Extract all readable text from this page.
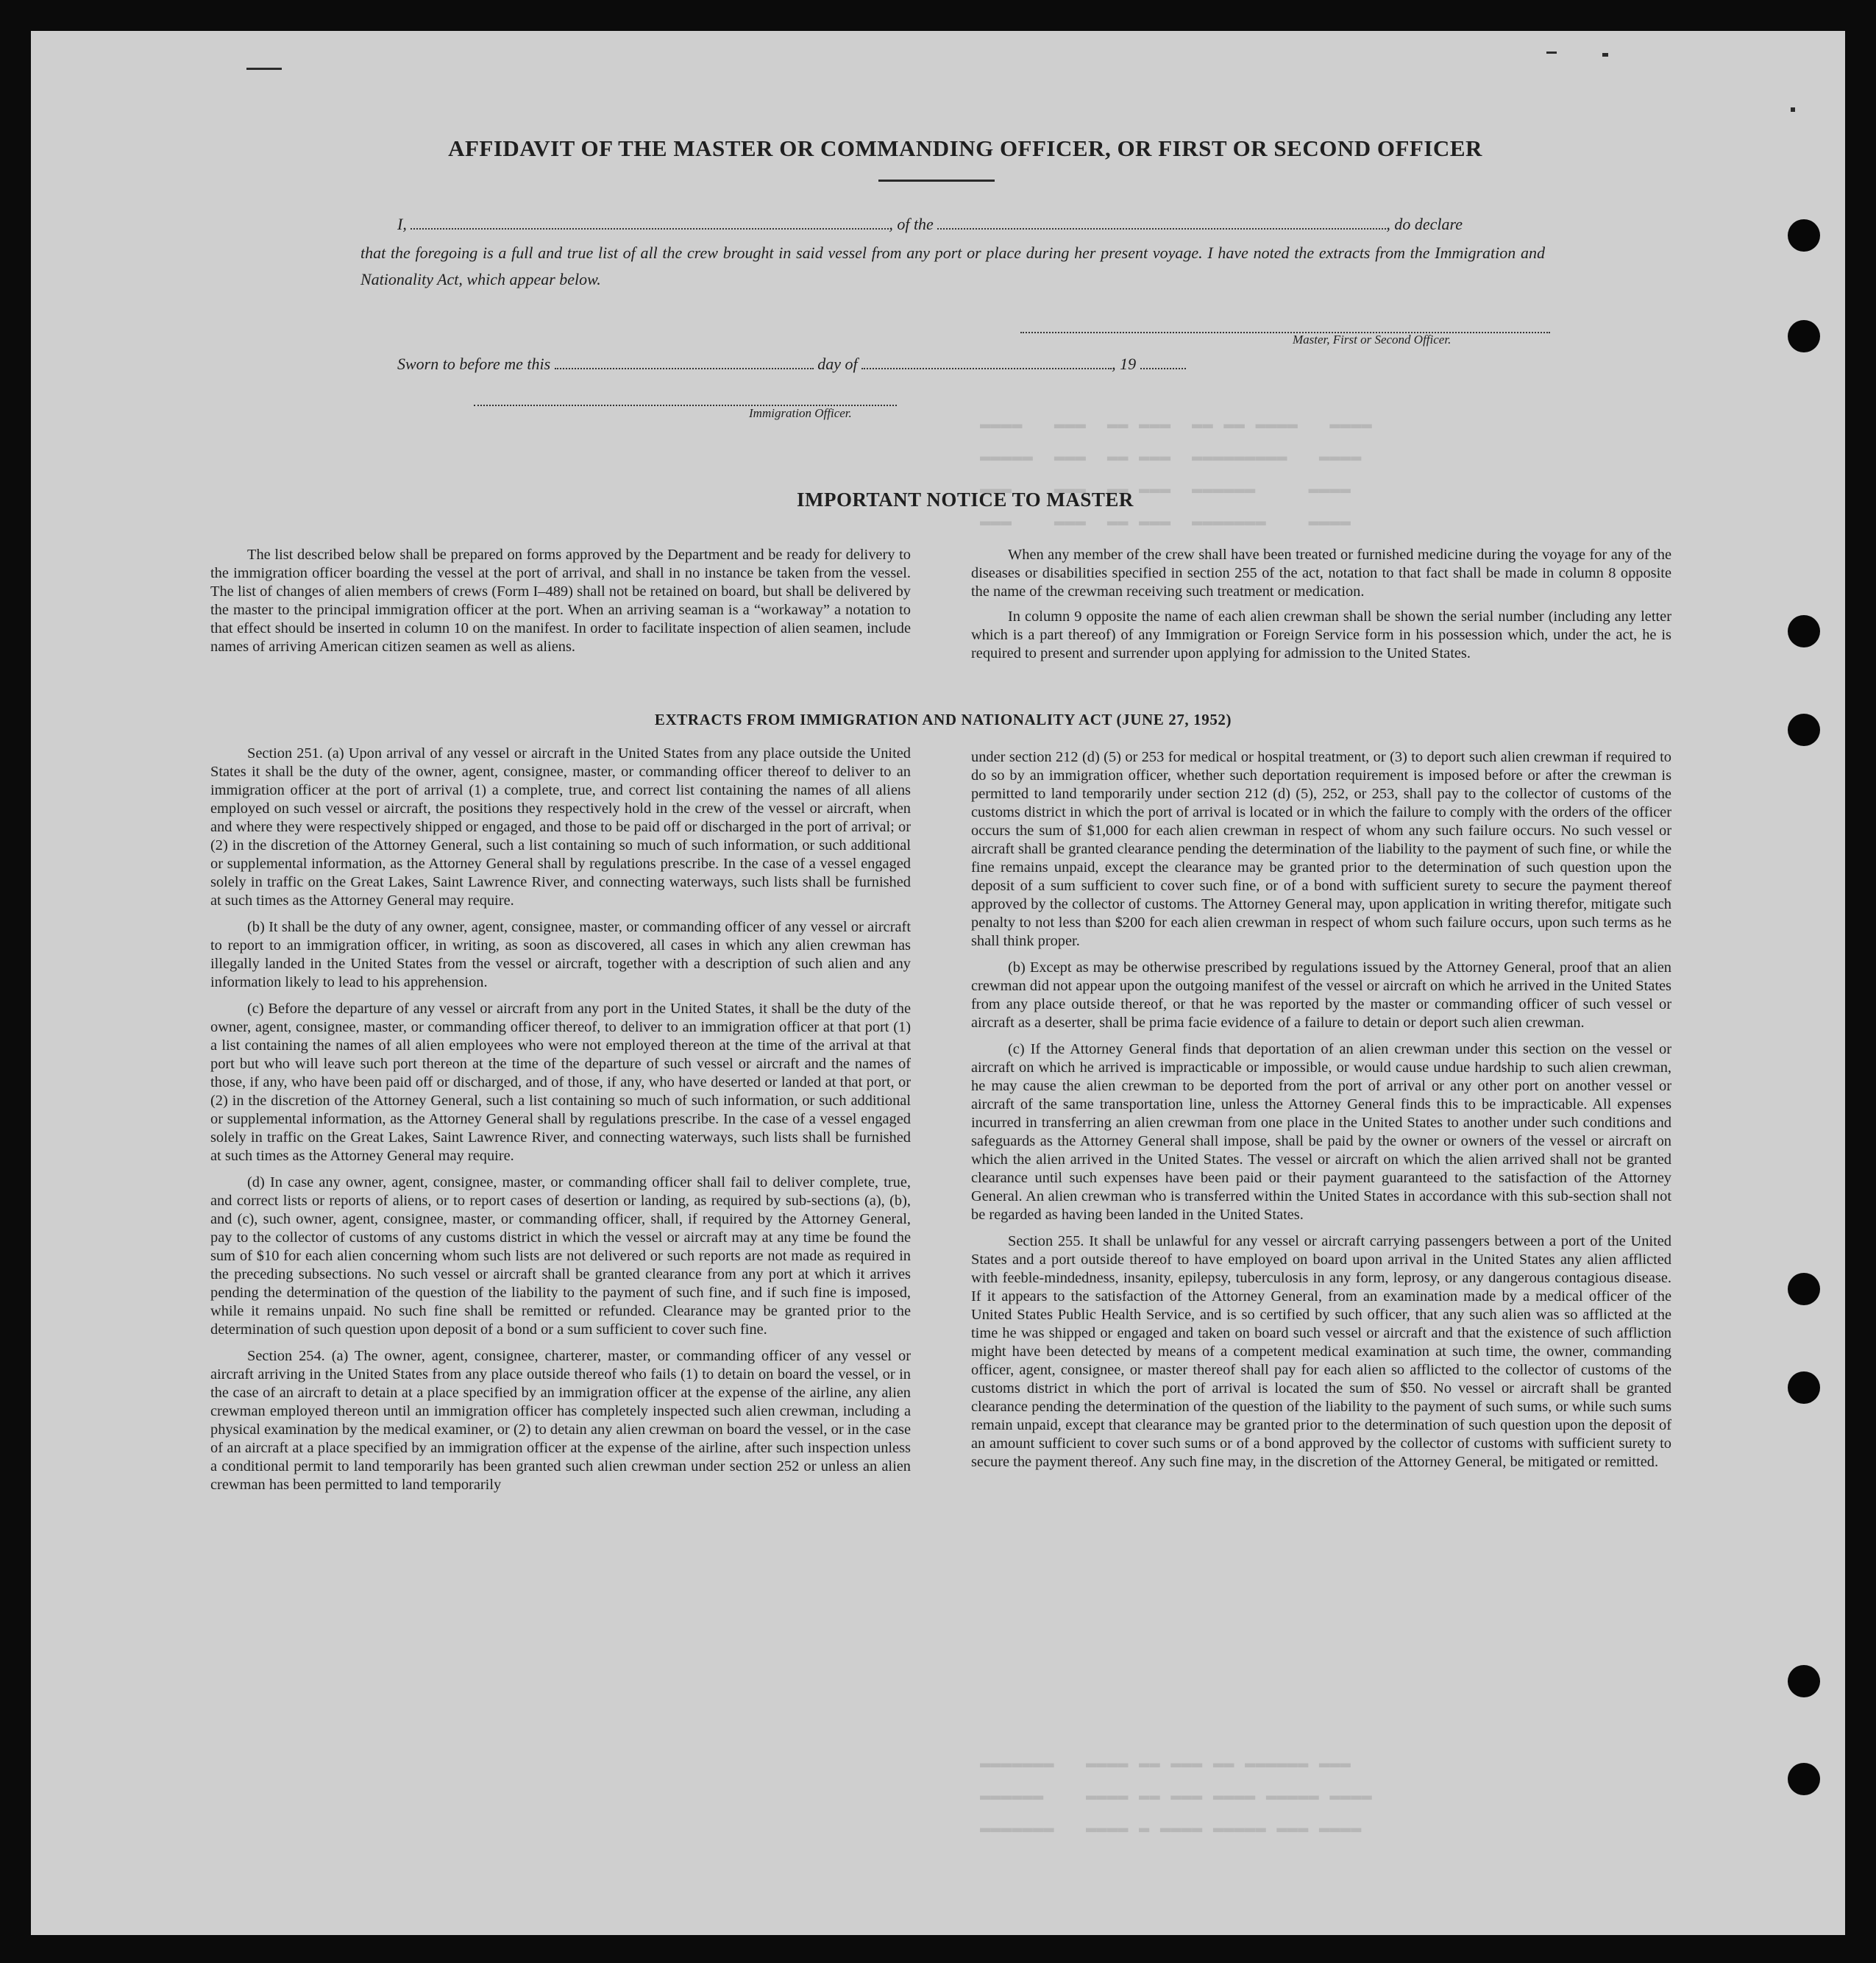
▬▬▬▬   ▬▬▬  ▬▬ ▬▬▬  ▬▬ ▬▬ ▬▬▬▬   ▬▬▬▬
▬▬▬▬▬  ▬▬▬  ▬▬ ▬▬▬  ▬▬▬▬▬▬▬▬▬   ▬▬▬▬
▬▬▬    ▬▬▬  ▬▬ ▬▬▬  ▬▬▬▬▬▬     ▬▬▬▬
▬▬▬    ▬▬▬  ▬▬ ▬▬▬  ▬▬▬▬▬▬▬    ▬▬▬▬

▬▬▬▬▬▬▬   ▬▬▬▬ ▬▬ ▬▬▬ ▬▬ ▬▬▬▬▬▬ ▬▬▬
▬▬▬▬▬▬    ▬▬▬▬ ▬▬ ▬▬▬ ▬▬▬▬ ▬▬▬▬▬ ▬▬▬▬
▬▬▬▬▬▬▬   ▬▬▬▬ ▬ ▬▬▬▬ ▬▬▬▬▬ ▬▬▬ ▬▬▬▬
AFFIDAVIT OF THE MASTER OR COMMANDING OFFICER, OR FIRST OR SECOND OFFICER
I,	, of the	, do declare
that the foregoing is a full and true list of all the crew brought in said vessel from any port or place during her present voyage. I have noted the extracts from the Immigration and Nationality Act, which appear below.
Master, First or Second Officer.
Sworn to before me this	day of	, 19
Immigration Officer.
IMPORTANT NOTICE TO MASTER

The list described below shall be prepared on forms approved by the Department and be ready for delivery to the immigration officer boarding the vessel at the port of arrival, and shall in no instance be taken from the vessel. The list of changes of alien members of crews (Form I–489) shall not be retained on board, but shall be delivered by the master to the principal immigration officer at the port. When an arriving seaman is a “workaway” a notation to that effect should be inserted in column 10 on the manifest. In order to facilitate inspection of alien seamen, include names of arriving American citizen seamen as well as aliens.

When any member of the crew shall have been treated or furnished medicine during the voyage for any of the diseases or disabilities specified in section 255 of the act, notation to that fact shall be made in column 8 opposite the name of the crewman receiving such treatment or medication.

In column 9 opposite the name of each alien crewman shall be shown the serial number (including any letter which is a part thereof) of any Immigration or Foreign Service form in his possession which, under the act, he is required to present and surrender upon applying for admission to the United States.

EXTRACTS FROM IMMIGRATION AND NATIONALITY ACT (JUNE 27, 1952)

Section 251. (a) Upon arrival of any vessel or aircraft in the United States from any place outside the United States it shall be the duty of the owner, agent, consignee, master, or commanding officer thereof to deliver to an immigration officer at the port of arrival (1) a complete, true, and correct list containing the names of all aliens employed on such vessel or aircraft, the positions they respectively hold in the crew of the vessel or aircraft, when and where they were respectively shipped or engaged, and those to be paid off or discharged in the port of arrival; or (2) in the discretion of the Attorney General, such a list containing so much of such information, or such additional or supplemental information, as the Attorney General shall by regulations prescribe. In the case of a vessel engaged solely in traffic on the Great Lakes, Saint Lawrence River, and connecting waterways, such lists shall be furnished at such times as the Attorney General may require.

(b) It shall be the duty of any owner, agent, consignee, master, or commanding officer of any vessel or aircraft to report to an immigration officer, in writing, as soon as discovered, all cases in which any alien crewman has illegally landed in the United States from the vessel or aircraft, together with a description of such alien and any information likely to lead to his apprehension.

(c) Before the departure of any vessel or aircraft from any port in the United States, it shall be the duty of the owner, agent, consignee, master, or commanding officer thereof, to deliver to an immigration officer at that port (1) a list containing the names of all alien employees who were not employed thereon at the time of the arrival at that port but who will leave such port thereon at the time of the departure of such vessel or aircraft and the names of those, if any, who have been paid off or discharged, and of those, if any, who have deserted or landed at that port, or (2) in the discretion of the Attorney General, such a list containing so much of such information, or such additional or supplemental information, as the Attorney General shall by regulations prescribe. In the case of a vessel engaged solely in traffic on the Great Lakes, Saint Lawrence River, and connecting waterways, such lists shall be furnished at such times as the Attorney General may require.

(d) In case any owner, agent, consignee, master, or commanding officer shall fail to deliver complete, true, and correct lists or reports of aliens, or to report cases of desertion or landing, as required by sub-sections (a), (b), and (c), such owner, agent, consignee, master, or commanding officer, shall, if required by the Attorney General, pay to the collector of customs of any customs district in which the vessel or aircraft may at any time be found the sum of $10 for each alien concerning whom such lists are not delivered or such reports are not made as required in the preceding subsections. No such vessel or aircraft shall be granted clearance from any port at which it arrives pending the determination of the question of the liability to the payment of such fine, and if such fine is imposed, while it remains unpaid. No such fine shall be remitted or refunded. Clearance may be granted prior to the determination of such question upon deposit of a bond or a sum sufficient to cover such fine.

Section 254. (a) The owner, agent, consignee, charterer, master, or commanding officer of any vessel or aircraft arriving in the United States from any place outside thereof who fails (1) to detain on board the vessel, or in the case of an aircraft to detain at a place specified by an immigration officer at the expense of the airline, any alien crewman employed thereon until an immigration officer has completely inspected such alien crewman, including a physical examination by the medical examiner, or (2) to detain any alien crewman on board the vessel, or in the case of an aircraft at a place specified by an immigration officer at the expense of the airline, after such inspection unless a conditional permit to land temporarily has been granted such alien crewman under section 252 or unless an alien crewman has been permitted to land temporarily

under section 212 (d) (5) or 253 for medical or hospital treatment, or (3) to deport such alien crewman if required to do so by an immigration officer, whether such deportation requirement is imposed before or after the crewman is permitted to land temporarily under section 212 (d) (5), 252, or 253, shall pay to the collector of customs of the customs district in which the port of arrival is located or in which the failure to comply with the orders of the officer occurs the sum of $1,000 for each alien crewman in respect of whom any such failure occurs. No such vessel or aircraft shall be granted clearance pending the determination of the liability to the payment of such fine, or while the fine remains unpaid, except the clearance may be granted prior to the determination of such question upon the deposit of a sum sufficient to cover such fine, or of a bond with sufficient surety to secure the payment thereof approved by the collector of customs. The Attorney General may, upon application in writing therefor, mitigate such penalty to not less than $200 for each alien crewman in respect of whom such failure occurs, upon such terms as he shall think proper.

(b) Except as may be otherwise prescribed by regulations issued by the Attorney General, proof that an alien crewman did not appear upon the outgoing manifest of the vessel or aircraft on which he arrived in the United States from any place outside thereof, or that he was reported by the master or commanding officer of such vessel or aircraft as a deserter, shall be prima facie evidence of a failure to detain or deport such alien crewman.

(c) If the Attorney General finds that deportation of an alien crewman under this section on the vessel or aircraft on which he arrived is impracticable or impossible, or would cause undue hardship to such alien crewman, he may cause the alien crewman to be deported from the port of arrival or any other port on another vessel or aircraft of the same transportation line, unless the Attorney General finds this to be impracticable. All expenses incurred in transferring an alien crewman from one place in the United States to another under such conditions and safeguards as the Attorney General shall impose, shall be paid by the owner or owners of the vessel or aircraft on which the alien arrived in the United States. The vessel or aircraft on which the alien arrived shall not be granted clearance until such expenses have been paid or their payment guaranteed to the satisfaction of the Attorney General. An alien crewman who is transferred within the United States in accordance with this sub-section shall not be regarded as having been landed in the United States.

Section 255. It shall be unlawful for any vessel or aircraft carrying passengers between a port of the United States and a port outside thereof to have employed on board upon arrival in the United States any alien afflicted with feeble-mindedness, insanity, epilepsy, tuberculosis in any form, leprosy, or any dangerous contagious disease. If it appears to the satisfaction of the Attorney General, from an examination made by a medical officer of the United States Public Health Service, and is so certified by such officer, that any such alien was so afflicted at the time he was shipped or engaged and taken on board such vessel or aircraft and that the existence of such affliction might have been detected by means of a competent medical examination at such time, the owner, commanding officer, agent, consignee, or master thereof shall pay for each alien so afflicted to the collector of customs of the customs district in which the port of arrival is located the sum of $50. No vessel or aircraft shall be granted clearance pending the determination of the question of the liability to the payment of such sums, or while such sums remain unpaid, except that clearance may be granted prior to the determination of such question upon the deposit of an amount sufficient to cover such sums or of a bond approved by the collector of customs with sufficient surety to secure the payment thereof. Any such fine may, in the discretion of the Attorney General, be mitigated or remitted.
